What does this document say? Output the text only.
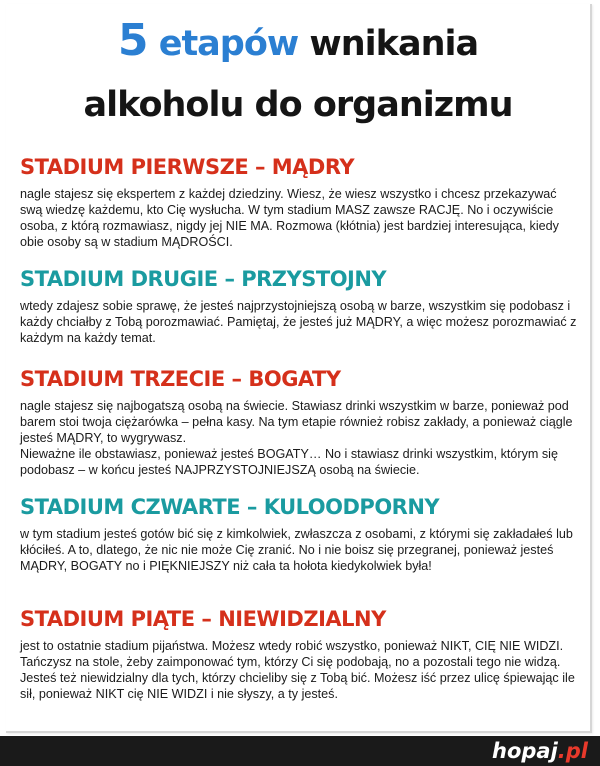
5 etapów wnikania
alkoholu do organizmu
STADIUM PIERWSZE – MĄDRY

nagle stajesz się ekspertem z każdej dziedziny. Wiesz, że wiesz wszystko i chcesz przekazywać swą wiedzę każdemu, kto Cię wysłucha. W tym stadium MASZ zawsze RACJĘ. No i oczywiście osoba, z którą rozmawiasz, nigdy jej NIE MA. Rozmowa (kłótnia) jest bardziej interesująca, kiedy obie osoby są w stadium MĄDROŚCI.

STADIUM DRUGIE – PRZYSTOJNY

wtedy zdajesz sobie sprawę, że jesteś najprzystojniejszą osobą w barze, wszystkim się podobasz i każdy chciałby z Tobą porozmawiać. Pamiętaj, że jesteś już MĄDRY, a więc możesz porozmawiać z każdym na każdy temat.

STADIUM TRZECIE – BOGATY

nagle stajesz się najbogatszą osobą na świecie. Stawiasz drinki wszystkim w barze, ponieważ pod barem stoi twoja ciężarówka – pełna kasy. Na tym etapie również robisz zakłady, a ponieważ ciągle jesteś MĄDRY, to wygrywasz.

Nieważne ile obstawiasz, ponieważ jesteś BOGATY… No i stawiasz drinki wszystkim, którym się podobasz – w końcu jesteś NAJPRZYSTOJNIEJSZĄ osobą na świecie.

STADIUM CZWARTE – KULOODPORNY

w tym stadium jesteś gotów bić się z kimkolwiek, zwłaszcza z osobami, z którymi się zakładałeś lub kłóciłeś. A to, dlatego, że nic nie może Cię zranić. No i nie boisz się przegranej, ponieważ jesteś MĄDRY, BOGATY no i PIĘKNIEJSZY niż cała ta hołota kiedykolwiek była!

STADIUM PIĄTE – NIEWIDZIALNY

jest to ostatnie stadium pijaństwa. Możesz wtedy robić wszystko, ponieważ NIKT, CIĘ NIE WIDZI. Tańczysz na stole, żeby zaimponować tym, którzy Ci się podobają, no a pozostali tego nie widzą. Jesteś też niewidzialny dla tych, którzy chcieliby się z Tobą bić. Możesz iść przez ulicę śpiewając ile sił, ponieważ NIKT cię NIE WIDZI i nie słyszy, a ty jesteś.

hopaj.pl
